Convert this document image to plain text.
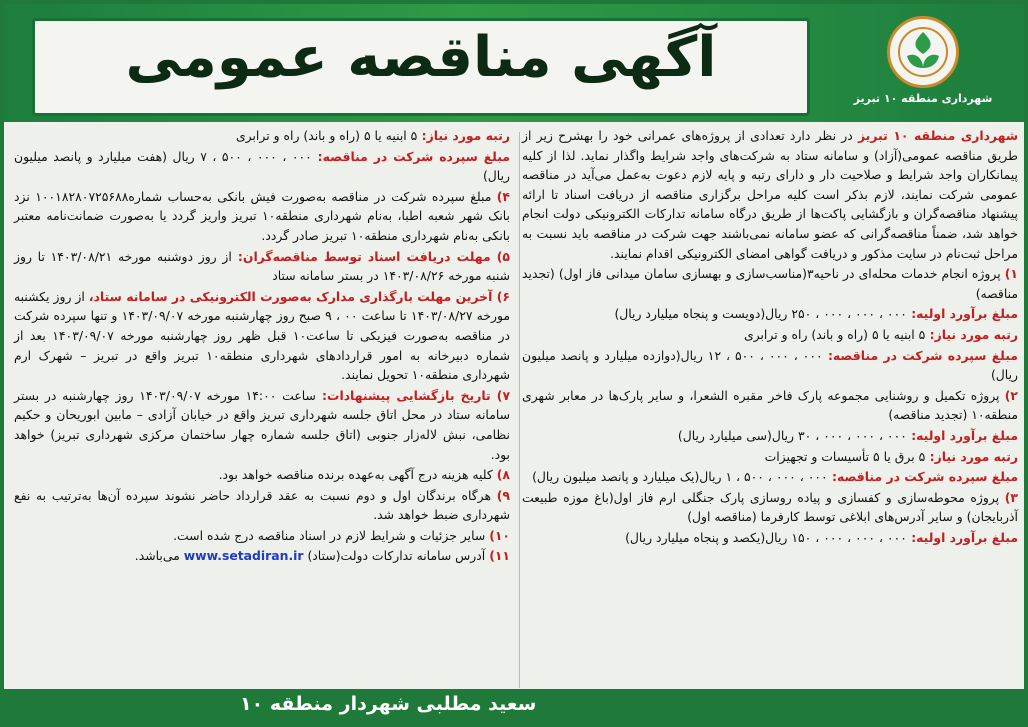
آگهی مناقصه عمومی
شهرداری منطقه ۱۰ تبریز

شهرداری منطقه ۱۰ تبریز در نظر دارد تعدادی از پروژه‌های عمرانی خود را بهشرح زیر از طریق مناقصه عمومی(آزاد) و سامانه ستاد به شرکت‌های واجد شرایط واگذار نماید. لذا از کلیه پیمانکاران واجد شرایط و صلاحیت دار و دارای رتبه و پایه لازم دعوت به‌عمل می‌آید در مناقصه عمومی شرکت نمایند، لازم بذکر است کلیه مراحل برگزاری مناقصه از دریافت اسناد تا ارائه پیشنهاد مناقصه‌گران و بازگشایی پاکت‌ها از طریق درگاه سامانه تدارکات الکترونیکی دولت انجام خواهد شد، ضمناً مناقصه‌گرانی که عضو سامانه نمی‌باشند جهت شرکت در مناقصه باید نسبت به مراحل ثبت‌نام در سایت مذکور و دریافت گواهی امضای الکترونیکی اقدام نمایند.

۱) پروژه انجام خدمات محله‌ای در ناحیه۳(مناسب‌سازی و بهسازی سامان میدانی فاز اول) (تجدید مناقصه)

مبلغ برآورد اولیه: ۰۰۰ ، ۰۰۰ ، ۰۰۰ ، ۲۵۰ ریال(دویست و پنجاه میلیارد ریال)

رتبه مورد نیاز: ۵ ابنیه یا ۵ (راه و باند) راه و ترابری

مبلغ سپرده شرکت در مناقصه: ۰۰۰ ، ۰۰۰ ، ۵۰۰ ، ۱۲ ریال(دوازده میلیارد و پانصد میلیون ریال)

۲) پروژه تکمیل و روشنایی مجموعه پارک فاخر مقبره الشعرا، و سایر پارک‌ها در معابر شهری منطقه۱۰ (تجدید مناقصه)

مبلغ برآورد اولیه: ۰۰۰ ، ۰۰۰ ، ۰۰۰ ، ۳۰ ریال(سی میلیارد ریال)

رتبه مورد نیاز: ۵ برق یا ۵ تأسیسات و تجهیزات

مبلغ سپرده شرکت در مناقصه: ۰۰۰ ، ۰۰۰ ، ۵۰۰ ، ۱ ریال(یک میلیارد و پانصد میلیون ریال)

۳) پروژه محوطه‌سازی و کفسازی و پیاده روسازی پارک جنگلی ارم فاز اول(باغ موزه طبیعت آذربایجان) و سایر آدرس‌های ابلاغی توسط کارفرما (مناقصه اول)

مبلغ برآورد اولیه: ۰۰۰ ، ۰۰۰ ، ۰۰۰ ، ۱۵۰ ریال(یکصد و پنجاه میلیارد ریال)

رتبه مورد نیاز: ۵ ابنیه یا ۵ (راه و باند) راه و ترابری

مبلغ سپرده شرکت در مناقصه: ۰۰۰ ، ۰۰۰ ، ۵۰۰ ، ۷ ریال (هفت میلیارد و پانصد میلیون ریال)

۴) مبلغ سپرده شرکت در مناقصه به‌صورت فیش بانکی به‌حساب شماره۱۰۰۱۸۲۸۰۷۲۵۶۸۸ نزد بانک شهر شعبه اطبا، به‌نام شهرداری منطقه۱۰ تبریز واریز گردد یا به‌صورت ضمانت‌نامه معتبر بانکی به‌نام شهرداری منطقه۱۰ تبریز صادر گردد.

۵) مهلت دریافت اسناد توسط مناقصه‌گران: از روز دوشنبه مورخه ۱۴۰۳/۰۸/۲۱ تا روز شنبه مورخه ۱۴۰۳/۰۸/۲۶ در بستر سامانه ستاد

۶) آخرین مهلت بارگذاری مدارک به‌صورت الکترونیکی در سامانه ستاد، از روز یکشنبه مورخه ۱۴۰۳/۰۸/۲۷ تا ساعت ۰۰ ، ۹ صبح روز چهارشنبه مورخه ۱۴۰۳/۰۹/۰۷ و تنها سپرده شرکت در مناقصه به‌صورت فیزیکی تا ساعت۱۰ قبل ظهر روز چهارشنبه مورخه ۱۴۰۳/۰۹/۰۷ بعد از شماره دبیرخانه به امور قراردادهای شهرداری منطقه۱۰ تبریز واقع در تبریز – شهرک ارم شهرداری منطقه۱۰ تحویل نمایند.

۷) تاریخ بازگشایی پیشنهادات: ساعت ۱۴:۰۰ مورخه ۱۴۰۳/۰۹/۰۷ روز چهارشنبه در بستر سامانه ستاد در محل اتاق جلسه شهرداری تبریز واقع در خیابان آزادی – مابین ابوریحان و حکیم نظامی، نبش لاله‌زار جنوبی (اتاق جلسه شماره چهار ساختمان مرکزی شهرداری تبریز) خواهد بود.

۸) کلیه هزینه درج آگهی به‌عهده برنده مناقصه خواهد بود.

۹) هرگاه برندگان اول و دوم نسبت به عقد قرارداد حاضر نشوند سپرده آن‌ها به‌ترتیب به نفع شهرداری ضبط خواهد شد.

۱۰) سایر جزئیات و شرایط لازم در اسناد مناقصه درج شده است.

۱۱) آدرس سامانه تدارکات دولت(ستاد) www.setadiran.ir می‌باشد.

سعید مطلبی شهردار منطقه ۱۰
